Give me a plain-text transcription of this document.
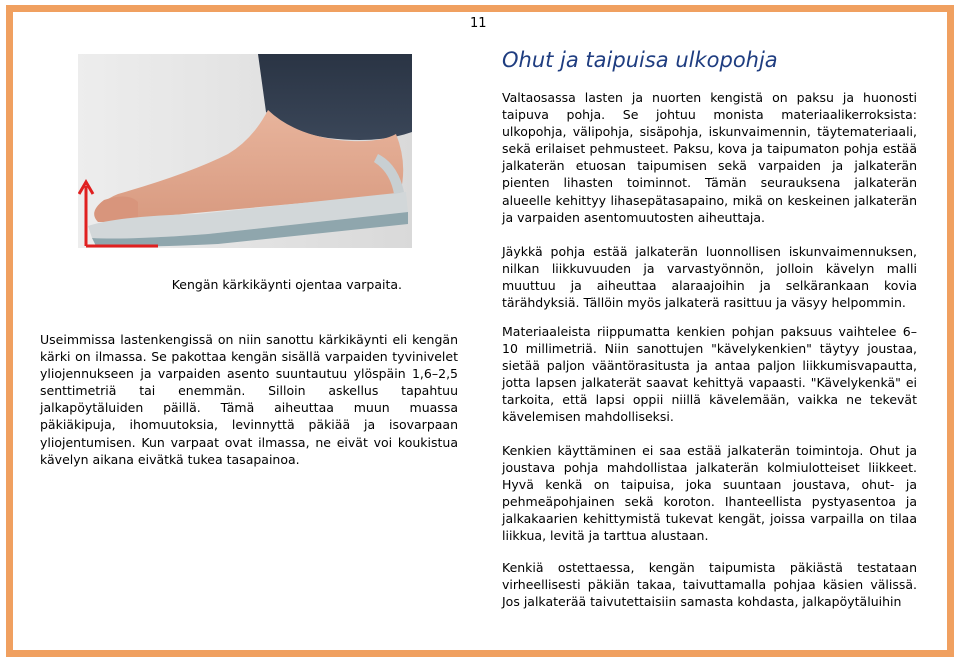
11
Kengän kärkikäynti ojentaa varpaita.

Useimmissa lastenkengissä on niin sanottu kärkikäynti eli kengän kärki on ilmassa. Se pakottaa kengän sisällä varpaiden tyvinivelet yliojennukseen ja varpaiden asento suuntautuu ylöspäin 1,6–2,5 senttimetriä tai enemmän. Silloin askellus tapahtuu jalkapöytäluiden päillä. Tämä aiheuttaa muun muassa päkiäkipuja, ihomuutoksia, levinnyttä päkiää ja isovarpaan yliojentumisen. Kun varpaat ovat ilmassa, ne eivät voi koukistua kävelyn aikana eivätkä tukea tasapainoa.

Ohut ja taipuisa ulkopohja

Valtaosassa lasten ja nuorten kengistä on paksu ja huonosti taipuva pohja. Se johtuu monista materiaalikerroksista: ulkopohja, välipohja, sisäpohja, iskunvaimennin, täytemateriaali, sekä erilaiset pehmusteet. Paksu, kova ja taipumaton pohja estää jalkaterän etuosan taipumisen sekä varpaiden ja jalkaterän pienten lihasten toiminnot. Tämän seurauksena jalkaterän alueelle kehittyy lihasepätasapaino, mikä on keskeinen jalkaterän ja varpaiden asentomuutosten aiheuttaja.

Jäykkä pohja estää jalkaterän luonnollisen iskunvaimennuksen, nilkan liikkuvuuden ja varvastyönnön, jolloin kävelyn malli muuttuu ja aiheuttaa alaraajoihin ja selkärankaan kovia tärähdyksiä. Tällöin myös jalkaterä rasittuu ja väsyy helpommin.

Materiaaleista riippumatta kenkien pohjan paksuus vaihtelee 6–10 millimetriä. Niin sanottujen "kävelykenkien" täytyy joustaa, sietää paljon vääntörasitusta ja antaa paljon liikkumisvapautta, jotta lapsen jalkaterät saavat kehittyä vapaasti. "Kävelykenkä" ei tarkoita, että lapsi oppii niillä kävelemään, vaikka ne tekevät kävelemisen mahdolliseksi.

Kenkien käyttäminen ei saa estää jalkaterän toimintoja. Ohut ja joustava pohja mahdollistaa jalkaterän kolmiulotteiset liikkeet. Hyvä kenkä on taipuisa, joka suuntaan joustava, ohut- ja pehmeäpohjainen sekä koroton. Ihanteellista pystyasentoa ja jalkakaarien kehittymistä tukevat kengät, joissa varpailla on tilaa liikkua, levitä ja tarttua alustaan.

Kenkiä ostettaessa, kengän taipumista päkiästä testataan virheellisesti päkiän takaa, taivuttamalla pohjaa käsien välissä. Jos jalkaterää taivutettaisiin samasta kohdasta, jalkapöytäluihin
